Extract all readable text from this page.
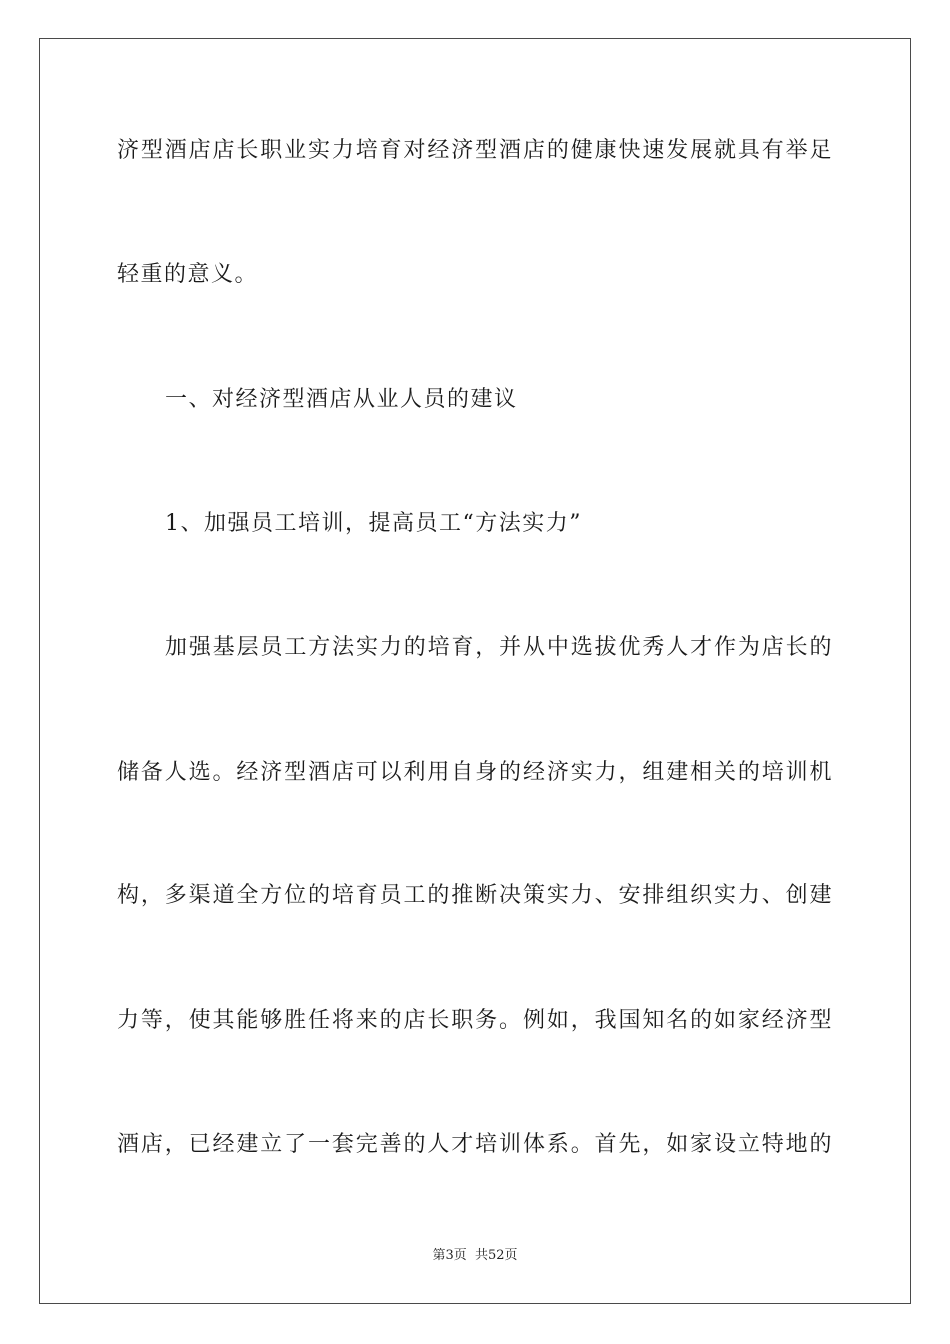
济型酒店店长职业实力培育对经济型酒店的健康快速发展就具有举足
轻重的意义。
一、对经济型酒店从业人员的建议
1、加强员工培训，提高员工“方法实力”
加强基层员工方法实力的培育，并从中选拔优秀人才作为店长的
储备人选。经济型酒店可以利用自身的经济实力，组建相关的培训机
构，多渠道全方位的培育员工的推断决策实力、安排组织实力、创建
力等，使其能够胜任将来的店长职务。例如，我国知名的如家经济型
酒店，已经建立了一套完善的人才培训体系。首先，如家设立特地的
第3页 共52页
